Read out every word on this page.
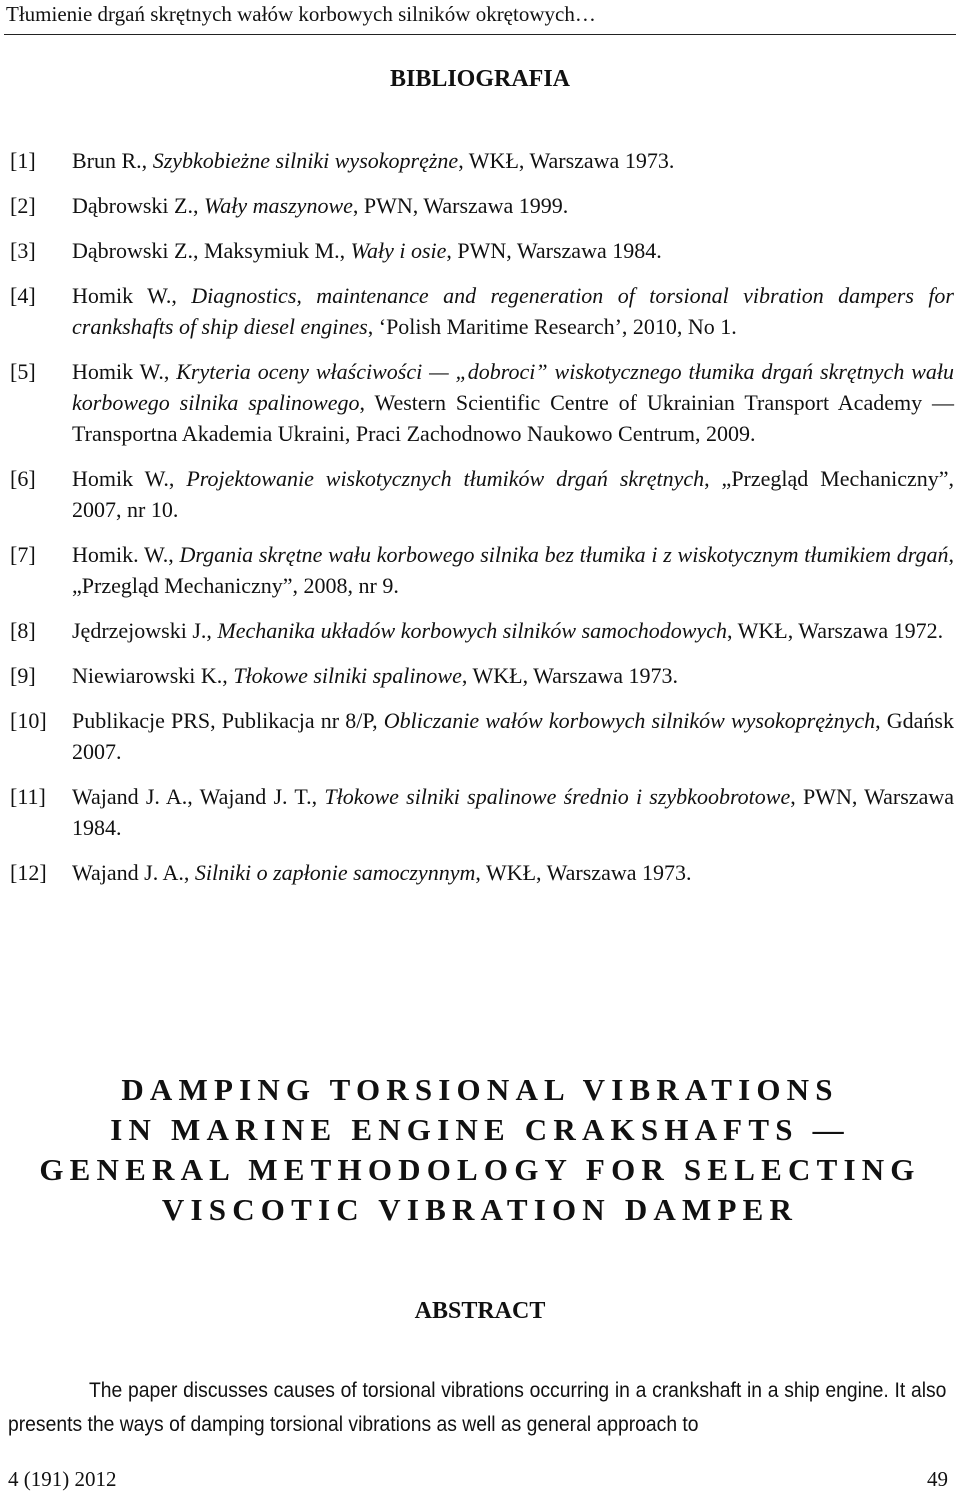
Tłumienie drgań skrętnych wałów korbowych silników okrętowych…
BIBLIOGRAFIA
[1]	Brun R., Szybkobieżne silniki wysokoprężne, WKŁ, Warszawa 1973.
[2]	Dąbrowski Z., Wały maszynowe, PWN, Warszawa 1999.
[3]	Dąbrowski Z., Maksymiuk M., Wały i osie, PWN, Warszawa 1984.
[4]	Homik W., Diagnostics, maintenance and regeneration of torsional vibration dampers for crankshafts of ship diesel engines, ‘Polish Maritime Research’, 2010, No 1.
[5]	Homik W., Kryteria oceny właściwości — „dobroci” wiskotycznego tłumika drgań skrętnych wału korbowego silnika spalinowego, Western Scientific Centre of Ukrainian Transport Academy — Transportna Akademia Ukraini, Praci Zachodnowo Naukowo Centrum, 2009.
[6]	Homik W., Projektowanie wiskotycznych tłumików drgań skrętnych, „Przegląd Mechaniczny”, 2007, nr 10.
[7]	Homik. W., Drgania skrętne wału korbowego silnika bez tłumika i z wiskotycznym tłumikiem drgań, „Przegląd Mechaniczny”, 2008, nr 9.
[8]	Jędrzejowski J., Mechanika układów korbowych silników samochodowych, WKŁ, Warszawa 1972.
[9]	Niewiarowski K., Tłokowe silniki spalinowe, WKŁ, Warszawa 1973.
[10]	Publikacje PRS, Publikacja nr 8/P, Obliczanie wałów korbowych silników wysokoprężnych, Gdańsk 2007.
[11]	Wajand J. A., Wajand J. T., Tłokowe silniki spalinowe średnio i szybkoobrotowe, PWN, Warszawa 1984.
[12]	Wajand J. A., Silniki o zapłonie samoczynnym, WKŁ, Warszawa 1973.
DAMPING TORSIONAL VIBRATIONS
IN MARINE ENGINE CRAKSHAFTS —
GENERAL METHODOLOGY FOR SELECTING
VISCOTIC VIBRATION DAMPER
ABSTRACT
The paper discusses causes of torsional vibrations occurring in a crankshaft in a ship engine. It also presents the ways of damping torsional vibrations as well as general approach to
4 (191) 2012	49
